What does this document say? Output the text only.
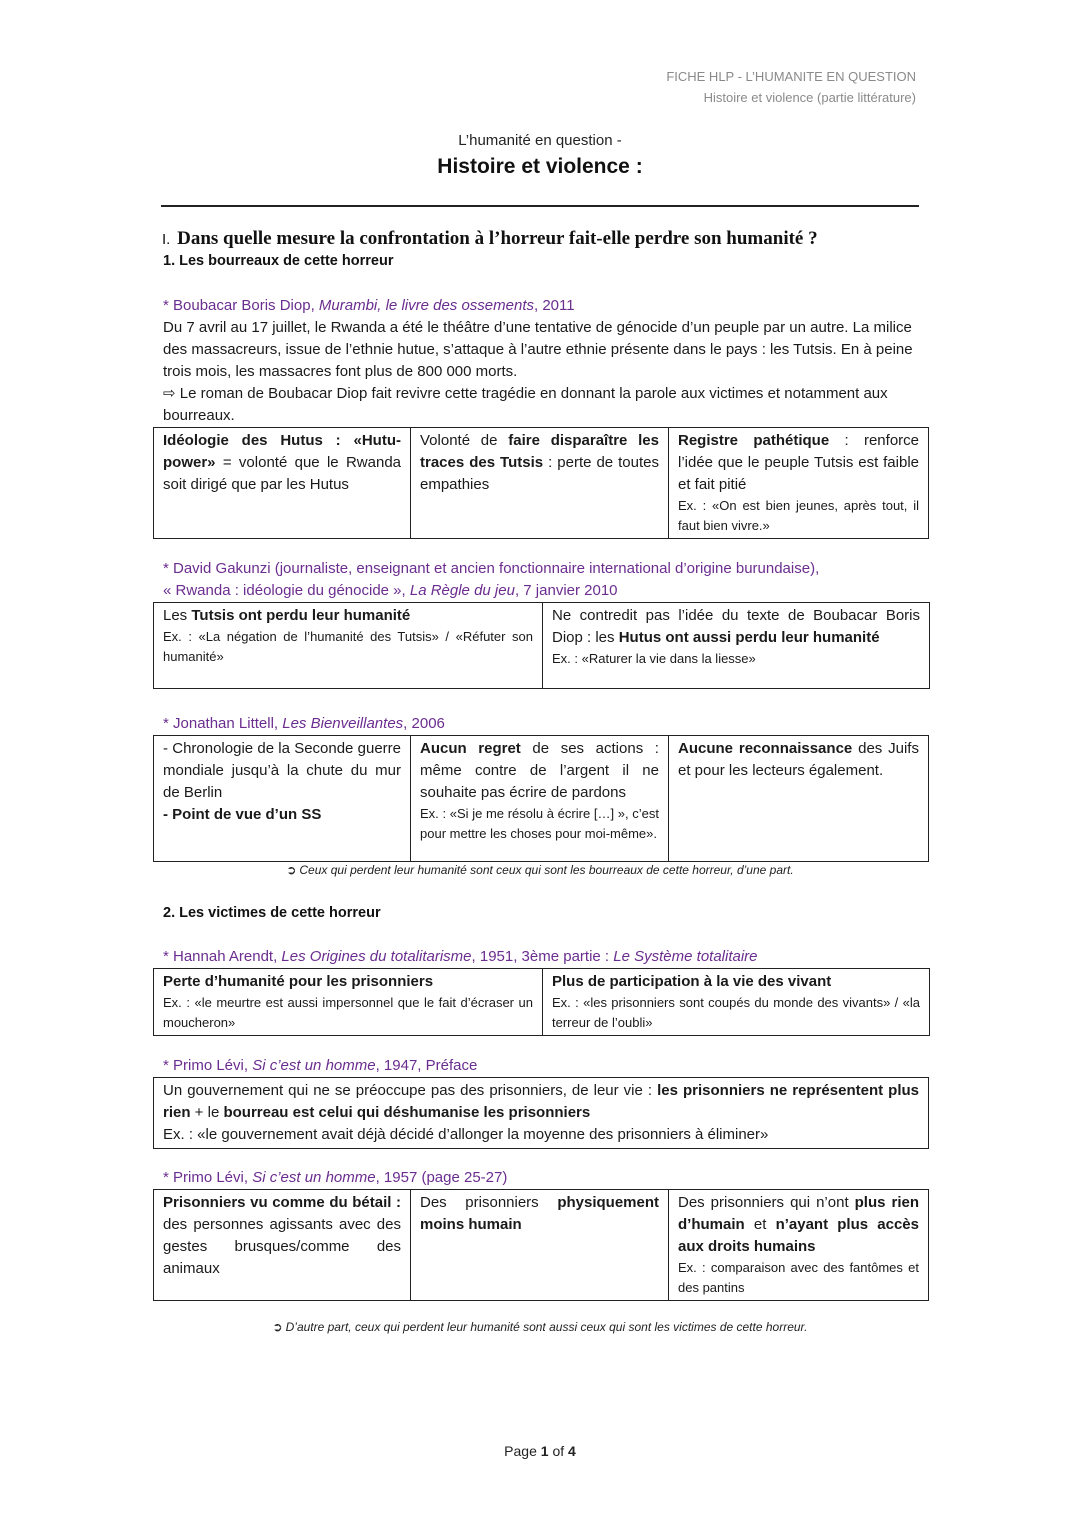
FICHE HLP - L’HUMANITE EN QUESTION
Histoire et violence (partie littérature)
L’humanité en question -
Histoire et violence :
I. Dans quelle mesure la confrontation à l’horreur fait-elle perdre son humanité ?
1. Les bourreaux de cette horreur
* Boubacar Boris Diop, Murambi, le livre des ossements, 2011
Du 7 avril au 17 juillet, le Rwanda a été le théâtre d’une tentative de génocide d’un peuple par un autre. La milice des massacreurs, issue de l’ethnie hutue, s’attaque à l’autre ethnie présente dans le pays : les Tutsis. En à peine trois mois, les massacres font plus de 800 000 morts.
⇨ Le roman de Boubacar Diop fait revivre cette tragédie en donnant la parole aux victimes et notamment aux bourreaux.
Idéologie des Hutus : «Hutu-power» = volonté que le Rwanda soit dirigé que par les Hutus	Volonté de faire disparaître les traces des Tutsis : perte de toutes empathies	Registre pathétique : renforce l’idée que le peuple Tutsis est faible et fait pitié
Ex. : «On est bien jeunes, après tout, il faut bien vivre.»
* David Gakunzi (journaliste, enseignant et ancien fonctionnaire international d’origine burundaise),
« Rwanda : idéologie du génocide », La Règle du jeu, 7 janvier 2010
Les Tutsis ont perdu leur humanité
Ex. : «La négation de l’humanité des Tutsis» / «Réfuter son humanité»
	Ne contredit pas l’idée du texte de Boubacar Boris Diop : les Hutus ont aussi perdu leur humanité
Ex. : «Raturer la vie dans la liesse»
* Jonathan Littell, Les Bienveillantes, 2006
- Chronologie de la Seconde guerre mondiale jusqu’à la chute du mur de Berlin
- Point de vue d’un SS	Aucun regret de ses actions : même contre de l’argent il ne souhaite pas écrire de pardons
Ex. : «Si je me résolu à écrire […] », c’est pour mettre les choses pour moi-même».
	Aucune reconnaissance des Juifs et pour les lecteurs également.
➲ Ceux qui perdent leur humanité sont ceux qui sont les bourreaux de cette horreur, d’une part.
2. Les victimes de cette horreur
* Hannah Arendt, Les Origines du totalitarisme, 1951, 3ème partie : Le Système totalitaire
Perte d’humanité pour les prisonniers
Ex. : «le meurtre est aussi impersonnel que le fait d’écraser un moucheron»
	Plus de participation à la vie des vivant
Ex. : «les prisonniers sont coupés du monde des vivants» / «la terreur de l’oubli»
* Primo Lévi, Si c’est un homme, 1947, Préface
Un gouvernement qui ne se préoccupe pas des prisonniers, de leur vie : les prisonniers ne représentent plus rien + le bourreau est celui qui déshumanise les prisonniers
Ex. : «le gouvernement avait déjà décidé d’allonger la moyenne des prisonniers à éliminer»
* Primo Lévi, Si c’est un homme, 1957 (page 25-27)
Prisonniers vu comme du bétail : des personnes agissants avec des gestes brusques/comme des animaux	Des prisonniers physiquement moins humain	Des prisonniers qui n’ont plus rien d’humain et n’ayant plus accès aux droits humains
Ex. : comparaison avec des fantômes et des pantins
➲ D’autre part, ceux qui perdent leur humanité sont aussi ceux qui sont les victimes de cette horreur.
Page 1 of 4
